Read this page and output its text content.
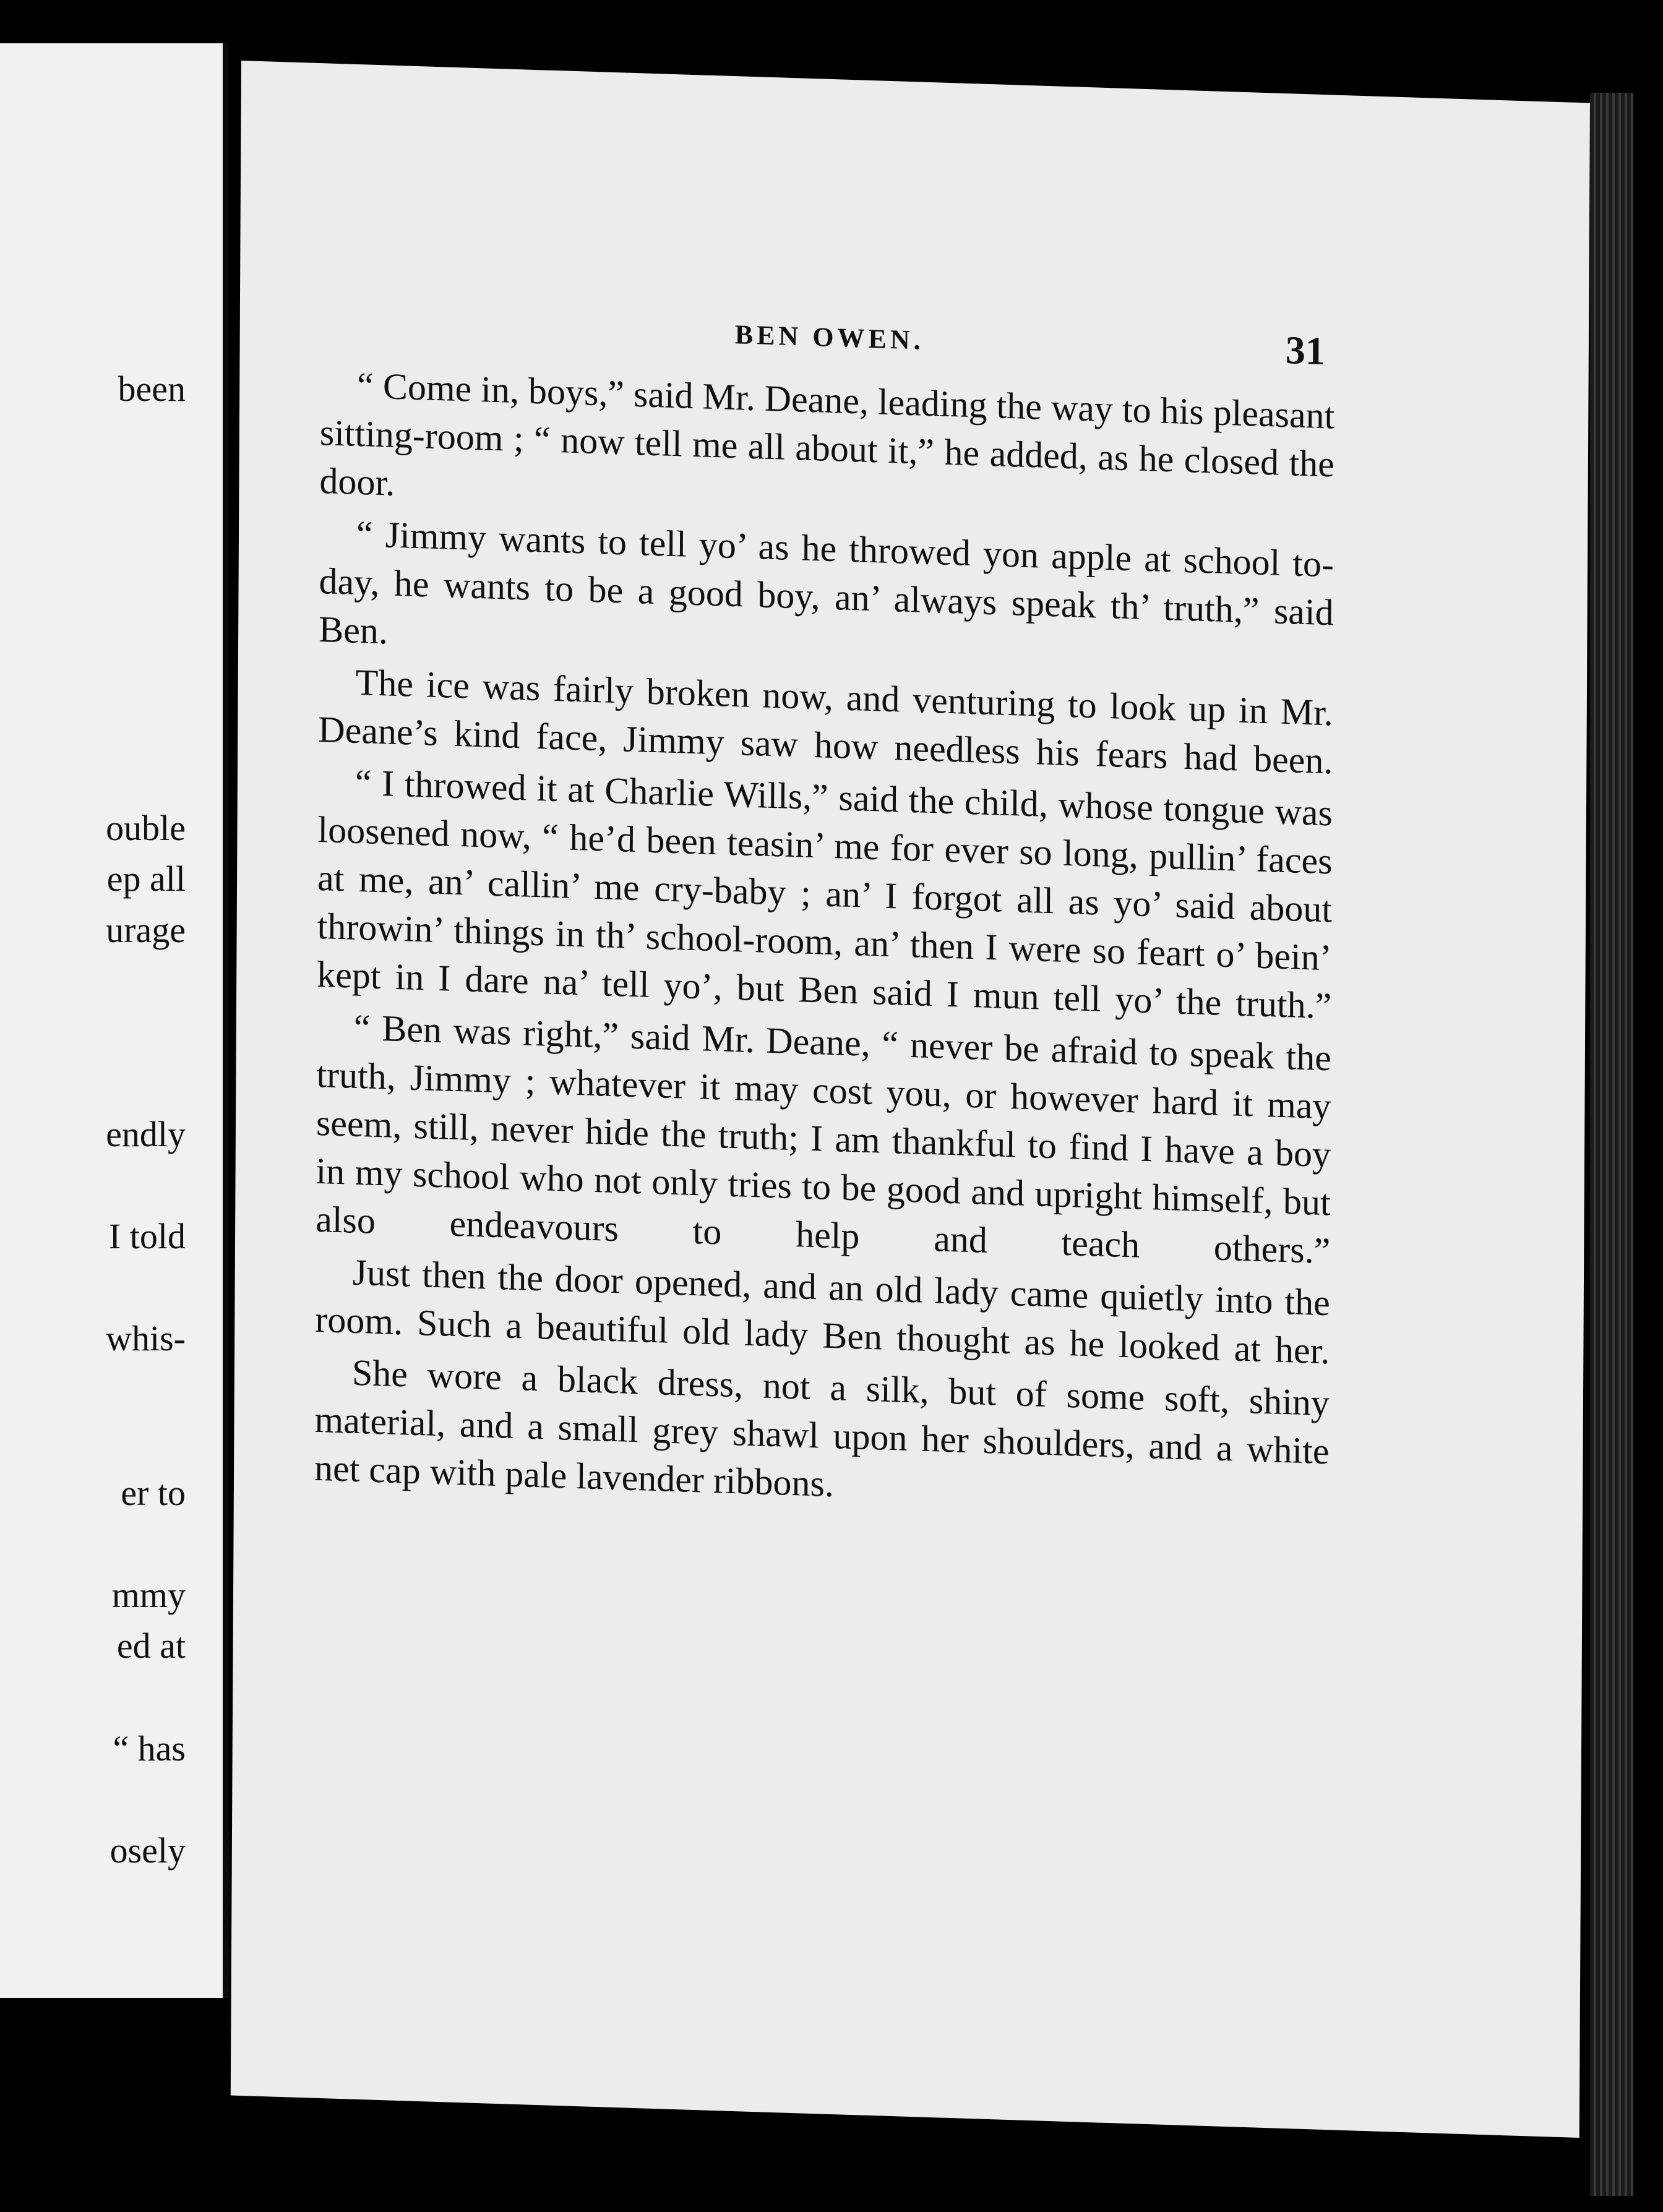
been
ouble
ep all
urage
endly
I told
whis-
er to
mmy
ed at
“ has
osely
BEN OWEN.	31

“ Come in, boys,” said Mr. Deane, leading the way to his pleasant sitting-room ; “ now tell me all about it,” he added, as he closed the door.

“ Jimmy wants to tell yo’ as he throwed yon apple at school to-day, he wants to be a good boy, an’ always speak th’ truth,” said Ben.

The ice was fairly broken now, and venturing to look up in Mr. Deane’s kind face, Jimmy saw how needless his fears had been.

“ I throwed it at Charlie Wills,” said the child, whose tongue was loosened now, “ he’d been teasin’ me for ever so long, pullin’ faces at me, an’ callin’ me cry-baby ; an’ I forgot all as yo’ said about throwin’ things in th’ school-room, an’ then I were so feart o’ bein’ kept in I dare na’ tell yo’, but Ben said I mun tell yo’ the truth.”

“ Ben was right,” said Mr. Deane, “ never be afraid to speak the truth, Jimmy ; whatever it may cost you, or however hard it may seem, still, never hide the truth; I am thankful to find I have a boy in my school who not only tries to be good and upright himself, but also endeavours to help and teach others.”

Just then the door opened, and an old lady came quietly into the room. Such a beautiful old lady Ben thought as he looked at her.

She wore a black dress, not a silk, but of some soft, shiny material, and a small grey shawl upon her shoulders, and a white net cap with pale lavender ribbons.
